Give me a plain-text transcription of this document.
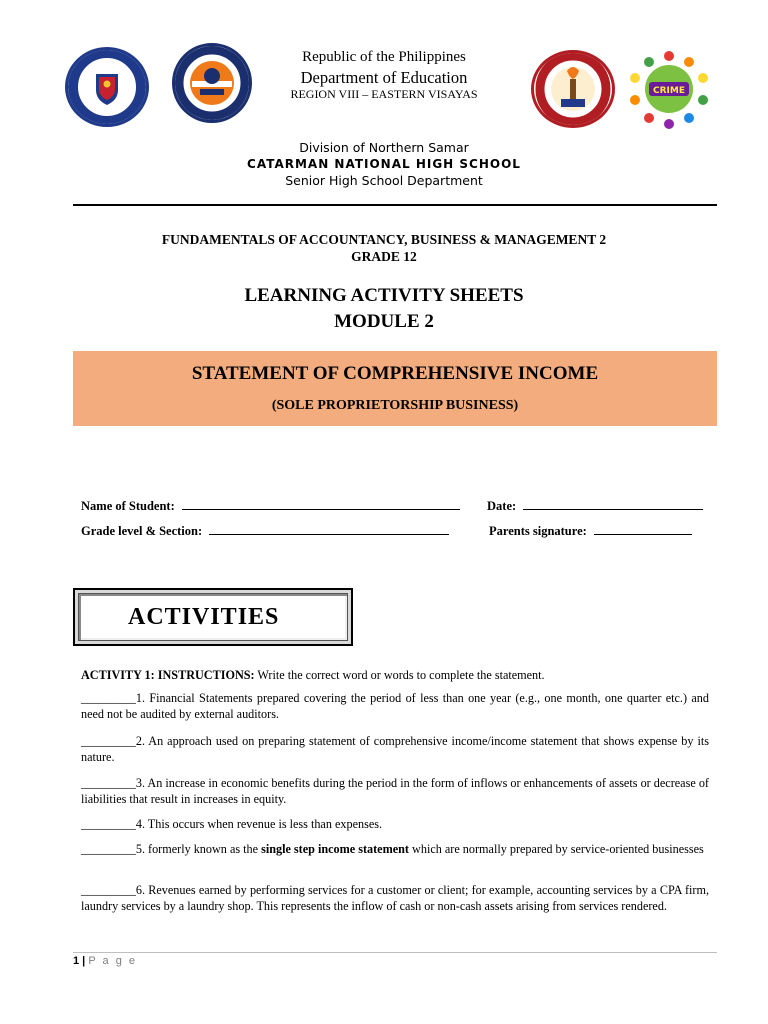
CRIME
Republic of the Philippines
Department of Education
REGION VIII – EASTERN VISAYAS
Division of Northern Samar
CATARMAN NATIONAL HIGH SCHOOL
Senior High School Department
FUNDAMENTALS OF ACCOUNTANCY, BUSINESS & MANAGEMENT 2
GRADE 12
LEARNING ACTIVITY SHEETS
MODULE 2
STATEMENT OF COMPREHENSIVE INCOME
(SOLE PROPRIETORSHIP BUSINESS)
Name of Student:	Date:
Grade level & Section:	Parents signature:
ACTIVITIES
ACTIVITY 1: INSTRUCTIONS: Write the correct word or words to complete the statement.
_________1. Financial Statements prepared covering the period of less than one year (e.g., one month, one quarter etc.) and need not be audited by external auditors.
_________2. An approach used on preparing statement of comprehensive income/income statement that shows expense by its nature.
_________3. An increase in economic benefits during the period in the form of inflows or enhancements of assets or decrease of liabilities that result in increases in equity.
_________4. This occurs when revenue is less than expenses.
_________5. formerly known as the single step income statement which are normally prepared by service-oriented businesses
_________6. Revenues earned by performing services for a customer or client; for example, accounting services by a CPA firm, laundry services by a laundry shop. This represents the inflow of cash or non-cash assets arising from services rendered.
1 | P a g e
